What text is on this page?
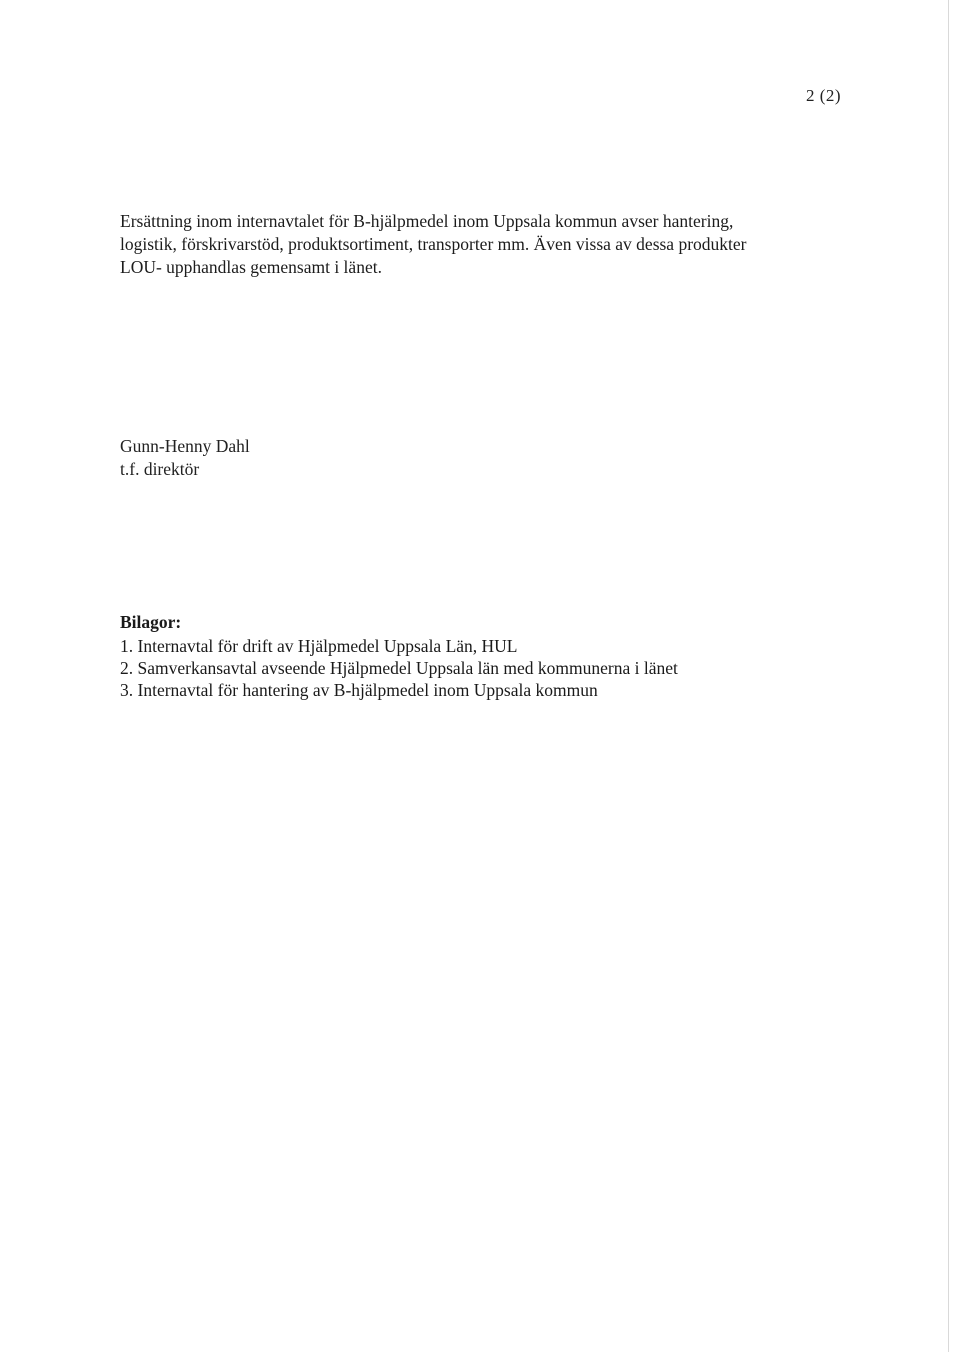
2 (2)

Ersättning inom internavtalet för B-hjälpmedel inom Uppsala kommun avser hantering,

logistik, förskrivarstöd, produktsortiment, transporter mm. Även vissa av dessa produkter

LOU- upphandlas gemensamt i länet.

Gunn-Henny Dahl
t.f. direktör
Bilagor:
1. Internavtal för drift av Hjälpmedel Uppsala Län, HUL
2. Samverkansavtal avseende Hjälpmedel Uppsala län med kommunerna i länet
3. Internavtal för hantering av B-hjälpmedel inom Uppsala kommun
